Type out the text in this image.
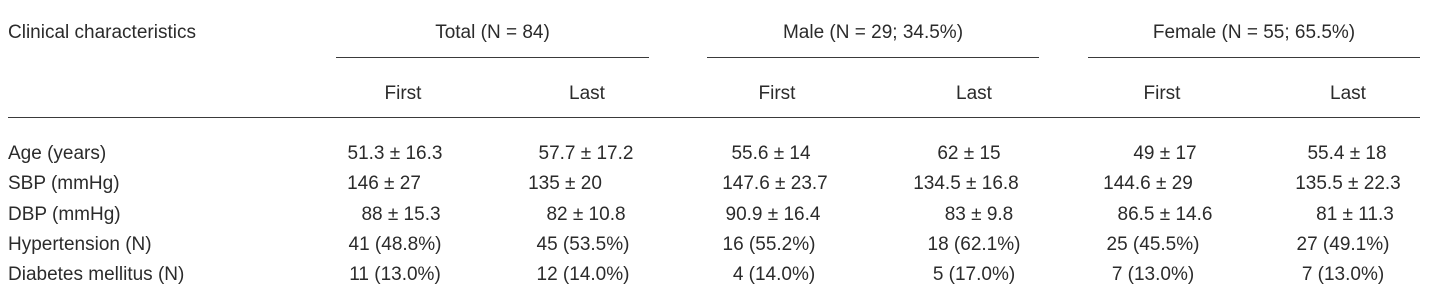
Clinical characteristics	Total (N = 84)	Male (N = 29; 34.5%)	Female (N = 55; 65.5%)
First	Last	First	Last	First	Last
Age (years)	51.3 ± 16.3	57.7 ± 17.2	55.6 ± 14	62 ± 15	49 ± 17	55.4 ± 18
SBP (mmHg)	146 ± 27	135 ± 20	147.6 ± 23.7	134.5 ± 16.8	144.6 ± 29	135.5 ± 22.3
DBP (mmHg)	88 ± 15.3	82 ± 10.8	90.9 ± 16.4	83 ± 9.8	86.5 ± 14.6	81 ± 11.3
Hypertension (N)	41 (48.8%)	45 (53.5%)	16 (55.2%)	18 (62.1%)	25 (45.5%)	27 (49.1%)
Diabetes mellitus (N)	11 (13.0%)	12 (14.0%)	4 (14.0%)	5 (17.0%)	7 (13.0%)	7 (13.0%)
